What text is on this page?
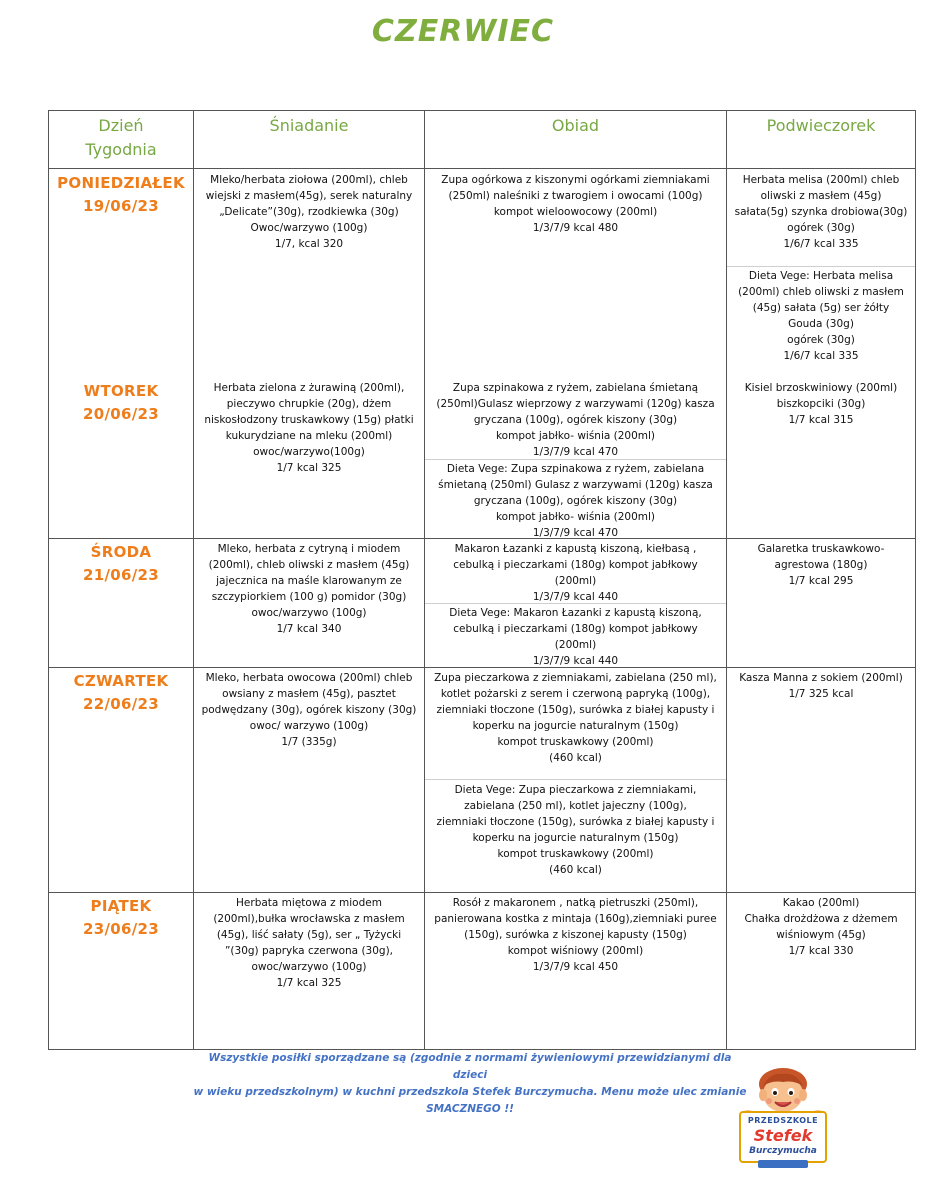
CZERWIEC
Dzień
Tygodnia
Śniadanie	Obiad	Podwieczorek
PONIEDZIAŁEK
19/06/23
Mleko/herbata ziołowa (200ml), chleb
wiejski z masłem(45g), serek naturalny
„Delicate”(30g), rzodkiewka (30g)
Owoc/warzywo (100g)
1/7, kcal 320
Zupa ogórkowa z kiszonymi ogórkami ziemniakami
(250ml) naleśniki z twarogiem i owocami (100g)
kompot wieloowocowy (200ml)
1/3/7/9 kcal 480
Herbata melisa (200ml) chleb
oliwski z masłem (45g)
sałata(5g) szynka drobiowa(30g)
ogórek (30g)
1/6/7 kcal 335
Dieta Vege: Herbata melisa
(200ml) chleb oliwski z masłem
(45g) sałata (5g) ser żółty
Gouda (30g)
ogórek (30g)
1/6/7 kcal 335
WTOREK
20/06/23
Herbata zielona z żurawiną (200ml),
pieczywo chrupkie (20g), dżem
niskosłodzony truskawkowy (15g) płatki
kukurydziane na mleku (200ml)
owoc/warzywo(100g)
1/7 kcal 325
Zupa szpinakowa z ryżem, zabielana śmietaną
(250ml)Gulasz wieprzowy z warzywami (120g) kasza
gryczana (100g), ogórek kiszony (30g)
kompot jabłko- wiśnia (200ml)
1/3/7/9 kcal 470
Dieta Vege: Zupa szpinakowa z ryżem, zabielana
śmietaną (250ml) Gulasz z warzywami (120g) kasza
gryczana (100g), ogórek kiszony (30g)
kompot jabłko- wiśnia (200ml)
1/3/7/9 kcal 470
Kisiel brzoskwiniowy (200ml)
biszkopciki (30g)
1/7 kcal 315
ŚRODA
21/06/23
Mleko, herbata z cytryną i miodem
(200ml), chleb oliwski z masłem (45g)
jajecznica na maśle klarowanym ze
szczypiorkiem (100 g) pomidor (30g)
owoc/warzywo (100g)
1/7 kcal 340
Makaron Łazanki z kapustą kiszoną, kiełbasą ,
cebulką i pieczarkami (180g) kompot jabłkowy
(200ml)
1/3/7/9 kcal 440
Dieta Vege: Makaron Łazanki z kapustą kiszoną,
cebulką i pieczarkami (180g) kompot jabłkowy
(200ml)
1/3/7/9 kcal 440
Galaretka truskawkowo-
agrestowa (180g)
1/7 kcal 295
CZWARTEK
22/06/23
Mleko, herbata owocowa (200ml) chleb
owsiany z masłem (45g), pasztet
podwędzany (30g), ogórek kiszony (30g)
owoc/ warzywo (100g)
1/7 (335g)
Zupa pieczarkowa z ziemniakami, zabielana (250 ml),
kotlet pożarski z serem i czerwoną papryką (100g),
ziemniaki tłoczone (150g), surówka z białej kapusty i
koperku na jogurcie naturalnym (150g)
kompot truskawkowy (200ml)
(460 kcal)
Dieta Vege: Zupa pieczarkowa z ziemniakami,
zabielana (250 ml), kotlet jajeczny (100g),
ziemniaki tłoczone (150g), surówka z białej kapusty i
koperku na jogurcie naturalnym (150g)
kompot truskawkowy (200ml)
(460 kcal)
Kasza Manna z sokiem (200ml)
1/7 325 kcal
PIĄTEK
23/06/23
Herbata miętowa z miodem
(200ml),bułka wrocławska z masłem
(45g), liść sałaty (5g), ser „ Tyżycki
”(30g) papryka czerwona (30g),
owoc/warzywo (100g)
1/7 kcal 325
Rosół z makaronem , natką pietruszki (250ml),
panierowana kostka z mintaja (160g),ziemniaki puree
(150g), surówka z kiszonej kapusty (150g)
kompot wiśniowy (200ml)
1/3/7/9 kcal 450
Kakao (200ml)
Chałka drożdżowa z dżemem
wiśniowym (45g)
1/7 kcal 330
Wszystkie posiłki sporządzane są (zgodnie z normami żywieniowymi przewidzianymi dla dzieci
w wieku przedszkolnym) w kuchni przedszkola Stefek Burczymucha. Menu może ulec zmianie
SMACZNEGO !!
PRZEDSZKOLE
Stefek
Burczymucha
